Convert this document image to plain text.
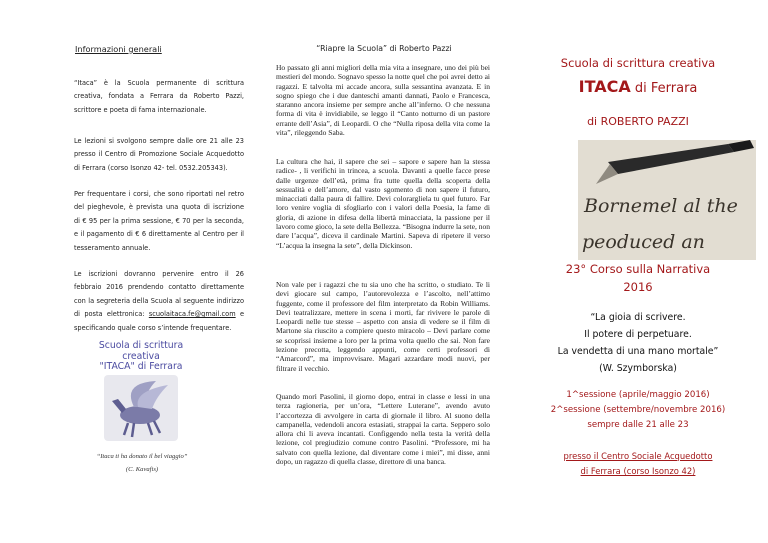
Informazioni generali
“Itaca” è la Scuola permanente di scrittura creativa, fondata a Ferrara da Roberto Pazzi, scrittore e poeta di fama internazionale.
Le lezioni si svolgono sempre dalle ore 21 alle 23 presso il Centro di Promozione Sociale Acquedotto di Ferrara (corso Isonzo 42- tel. 0532.205343).
Per frequentare i corsi, che sono riportati nel retro del pieghevole, è prevista una quota di iscrizione di € 95 per la prima sessione, € 70 per la seconda, e il pagamento di € 6 direttamente al Centro per il tesseramento annuale.
Le iscrizioni dovranno pervenire entro il 26 febbraio 2016 prendendo contatto direttamente con la segreteria della Scuola al seguente indirizzo di posta elettronica: scuolaitaca.fe@gmail.com e specificando quale corso s’intende frequentare.
Scuola di scrittura
creativa
"ITACA" di Ferrara
“Itaca ti ha donato il bel viaggio”
(C. Kavafis)
“Riapre la Scuola” di Roberto Pazzi
Ho passato gli anni migliori della mia vita a insegnare, uno dei più bei mestieri del mondo. Sognavo spesso la notte quel che poi avrei detto ai ragazzi. E talvolta mi accade ancora, sulla sessantina avanzata. E in sogno spiego che i due danteschi amanti dannati, Paolo e Francesca, staranno ancora insieme per sempre anche all’inferno. O che nessuna forma di vita è invidiabile, se leggo il “Canto notturno di un pastore errante dell’Asia”, di Leopardi. O che “Nulla riposa della vita come la vita”, rileggendo Saba.
La cultura che hai, il sapere che sei – sapore e sapere han la stessa radice- , li verifichi in trincea, a scuola. Davanti a quelle facce prese dalle urgenze dell’età, prima fra tutte quella della scoperta della sessualità e dell’amore, dal vasto sgomento di non sapere il futuro, minacciati dalla paura di fallire. Devi colorargliela tu quel futuro. Far loro venire voglia di sfogliarlo con i valori della Poesia, la fame di gloria, di azione in difesa della libertà minacciata, la passione per il lavoro come gioco, la sete della Bellezza. “Bisogna indurre la sete, non dare l’acqua”, diceva il cardinale Martini. Sapeva di ripetere il verso “L’acqua la insegna la sete”, della Dickinson.
Non vale per i ragazzi che tu sia uno che ha scritto, o studiato. Te li devi giocare sul campo, l’autorevolezza e l’ascolto, nell’attimo fuggente, come il professore del film interpretato da Robin Williams. Devi teatralizzare, mettere in scena i morti, far rivivere le parole di Leopardi nelle tue stesse – aspetto con ansia di vedere se il film di Martone sia riuscito a compiere questo miracolo – Devi parlare come se scoprissi insieme a loro per la prima volta quello che sai. Non fare lezione precotta, leggendo appunti, come certi professori di “Amarcord”, ma improvvisare. Magari azzardare modi nuovi, per filtrare il vecchio.
Quando morì Pasolini, il giorno dopo, entrai in classe e lessi in una terza ragioneria, per un’ora, “Lettere Luterane”, avendo avuto l’accortezza di avvolgere in carta di giornale il libro. Al suono della campanella, vedendoli ancora estasiati, strappai la carta. Seppero solo allora chi li aveva incantati. Configgendo nella testa la verità della lezione, col pregiudizio comune contro Pasolini. “Professore, mi ha salvato con quella lezione, dal diventare come i miei”, mi disse, anni dopo, un ragazzo di quella classe, direttore di una banca.
Scuola di scrittura creativa
ITACA di Ferrara
di ROBERTO PAZZI
Bornemel al the
peoduced an
23° Corso sulla Narrativa
2016
“La gioia di scrivere.
Il potere di perpetuare.
La vendetta di una mano mortale”
(W. Szymborska)
1^sessione (aprile/maggio 2016)
2^sessione (settembre/novembre 2016)
sempre dalle 21 alle 23
presso il Centro Sociale Acquedotto
di Ferrara (corso Isonzo 42)
